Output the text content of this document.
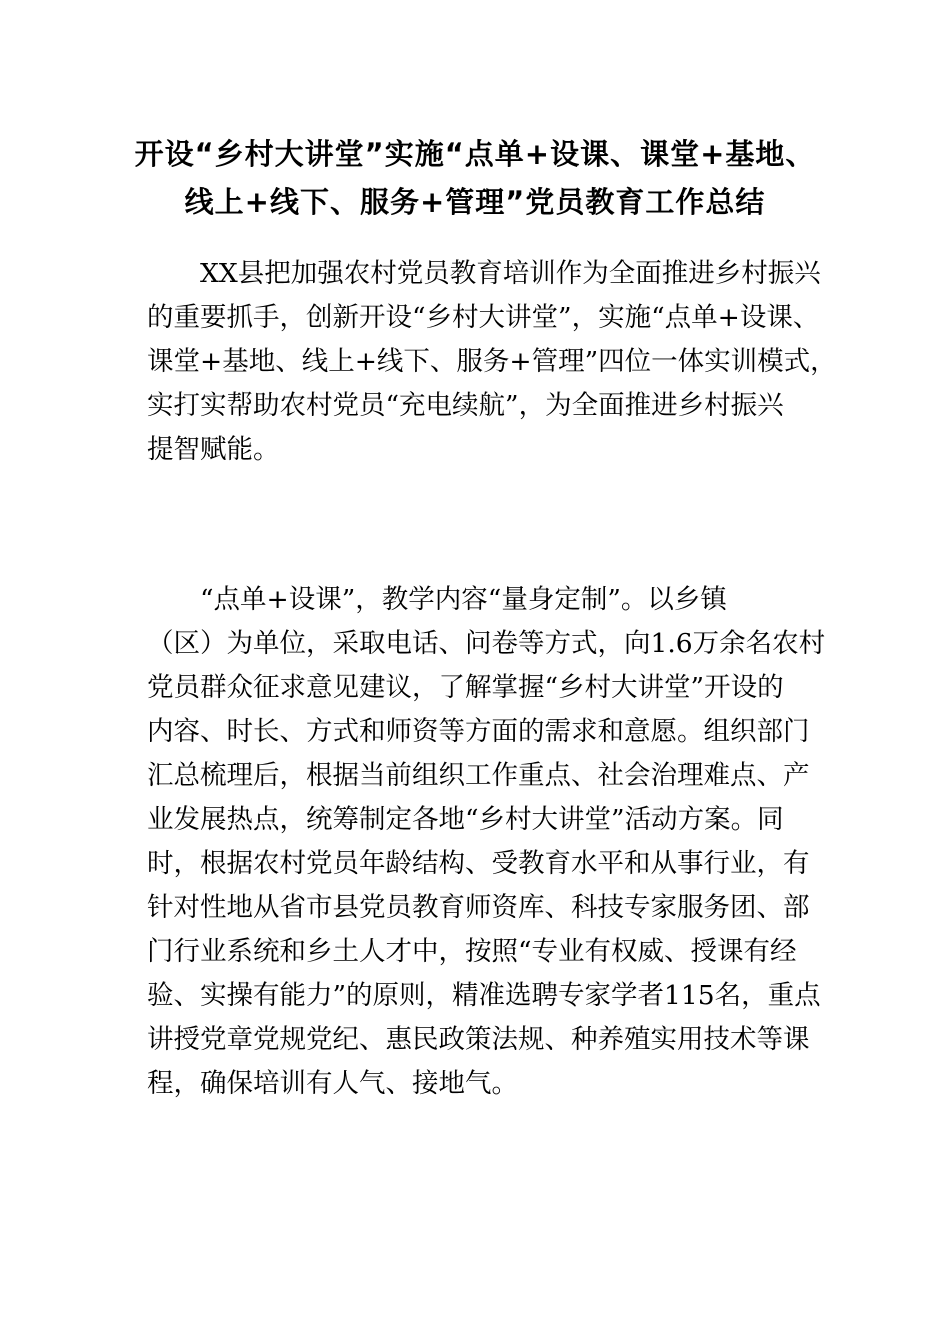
开设“乡村大讲堂”实施“点单+设课、课堂+基地、
线上+线下、服务+管理”党员教育工作总结
XX县把加强农村党员教育培训作为全面推进乡村振兴
的重要抓手，创新开设“乡村大讲堂”，实施“点单+设课、
课堂+基地、线上+线下、服务+管理”四位一体实训模式，
实打实帮助农村党员“充电续航”，为全面推进乡村振兴
提智赋能。
“点单+设课”，教学内容“量身定制”。以乡镇
（区）为单位，采取电话、问卷等方式，向1.6万余名农村
党员群众征求意见建议，了解掌握“乡村大讲堂”开设的
内容、时长、方式和师资等方面的需求和意愿。组织部门
汇总梳理后，根据当前组织工作重点、社会治理难点、产
业发展热点，统筹制定各地“乡村大讲堂”活动方案。同
时，根据农村党员年龄结构、受教育水平和从事行业，有
针对性地从省市县党员教育师资库、科技专家服务团、部
门行业系统和乡土人才中，按照“专业有权威、授课有经
验、实操有能力”的原则，精准选聘专家学者115名，重点
讲授党章党规党纪、惠民政策法规、种养殖实用技术等课
程，确保培训有人气、接地气。
